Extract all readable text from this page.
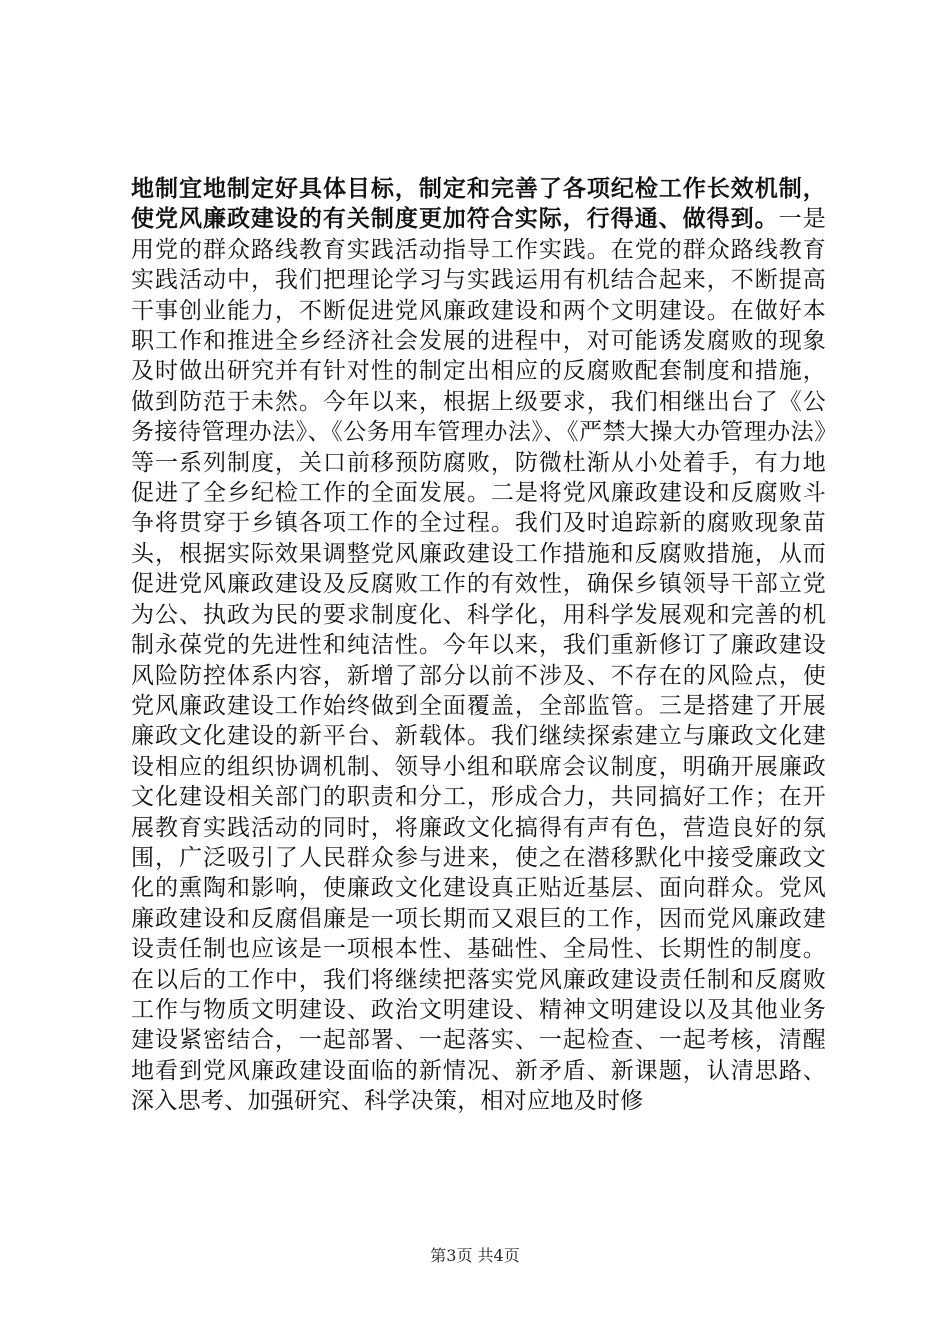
地制宜地制定好具体目标，制定和完善了各项纪检工作长效机制，使党风廉政建设的有关制度更加符合实际，行得通、做得到。一是用党的群众路线教育实践活动指导工作实践。在党的群众路线教育实践活动中，我们把理论学习与实践运用有机结合起来，不断提高干事创业能力，不断促进党风廉政建设和两个文明建设。在做好本职工作和推进全乡经济社会发展的进程中，对可能诱发腐败的现象及时做出研究并有针对性的制定出相应的反腐败配套制度和措施，做到防范于未然。今年以来，根据上级要求，我们相继出台了《公务接待管理办法》、《公务用车管理办法》、《严禁大操大办管理办法》等一系列制度，关口前移预防腐败，防微杜渐从小处着手，有力地促进了全乡纪检工作的全面发展。二是将党风廉政建设和反腐败斗争将贯穿于乡镇各项工作的全过程。我们及时追踪新的腐败现象苗头，根据实际效果调整党风廉政建设工作措施和反腐败措施，从而促进党风廉政建设及反腐败工作的有效性，确保乡镇领导干部立党为公、执政为民的要求制度化、科学化，用科学发展观和完善的机制永葆党的先进性和纯洁性。今年以来，我们重新修订了廉政建设风险防控体系内容，新增了部分以前不涉及、不存在的风险点，使党风廉政建设工作始终做到全面覆盖，全部监管。三是搭建了开展廉政文化建设的新平台、新载体。我们继续探索建立与廉政文化建设相应的组织协调机制、领导小组和联席会议制度，明确开展廉政文化建设相关部门的职责和分工，形成合力，共同搞好工作；在开展教育实践活动的同时，将廉政文化搞得有声有色，营造良好的氛围，广泛吸引了人民群众参与进来，使之在潜移默化中接受廉政文化的熏陶和影响，使廉政文化建设真正贴近基层、面向群众。党风廉政建设和反腐倡廉是一项长期而又艰巨的工作，因而党风廉政建设责任制也应该是一项根本性、基础性、全局性、长期性的制度。在以后的工作中，我们将继续把落实党风廉政建设责任制和反腐败工作与物质文明建设、政治文明建设、精神文明建设以及其他业务建设紧密结合，一起部署、一起落实、一起检查、一起考核，清醒地看到党风廉政建设面临的新情况、新矛盾、新课题，认清思路、深入思考、加强研究、科学决策，相对应地及时修
第3页 共4页
